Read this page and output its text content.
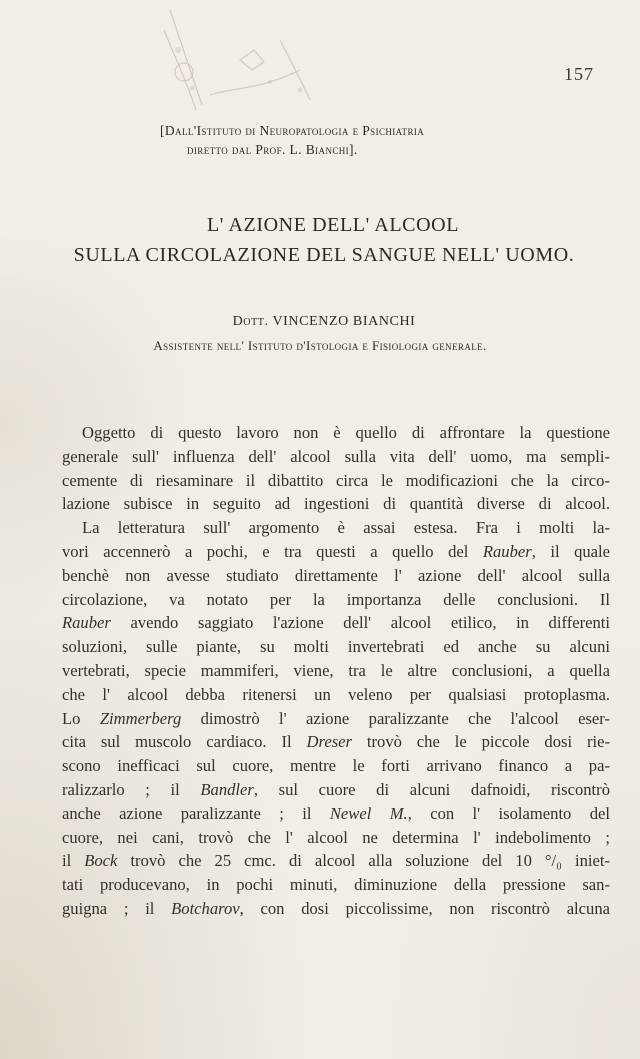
157
[Dall'Istituto di Neuropatologia e Psichiatria
diretto dal Prof. L. Bianchi].
L' AZIONE DELL' ALCOOL
SULLA CIRCOLAZIONE DEL SANGUE NELL' UOMO.
Dott. VINCENZO BIANCHI
Assistente nell' Istituto d'Istologia e Fisiologia generale.
Oggetto di questo lavoro non è quello di affrontare la questione
generale sull' influenza dell' alcool sulla vita dell' uomo, ma sempli-
cemente di riesaminare il dibattito circa le modificazioni che la circo-
lazione subisce in seguito ad ingestioni di quantità diverse di alcool.
La letteratura sull' argomento è assai estesa. Fra i molti la-
vori accennerò a pochi, e tra questi a quello del Rauber, il quale
benchè non avesse studiato direttamente l' azione dell' alcool sulla
circolazione, va notato per la importanza delle conclusioni. Il
Rauber avendo saggiato l'azione dell' alcool etilico, in differenti
soluzioni, sulle piante, su molti invertebrati ed anche su alcuni
vertebrati, specie mammiferi, viene, tra le altre conclusioni, a quella
che l' alcool debba ritenersi un veleno per qualsiasi protoplasma.
Lo Zimmerberg dimostrò l' azione paralizzante che l'alcool eser-
cita sul muscolo cardiaco. Il Dreser trovò che le piccole dosi rie-
scono inefficaci sul cuore, mentre le forti arrivano financo a pa-
ralizzarlo ; il Bandler, sul cuore di alcuni dafnoidi, riscontrò
anche azione paralizzante ; il Newel M., con l' isolamento del
cuore, nei cani, trovò che l' alcool ne determina l' indebolimento ;
il Bock trovò che 25 cmc. di alcool alla soluzione del 10 °/₀ iniet-
tati producevano, in pochi minuti, diminuzione della pressione san-
guigna ; il Botcharov, con dosi piccolissime, non riscontrò alcuna
